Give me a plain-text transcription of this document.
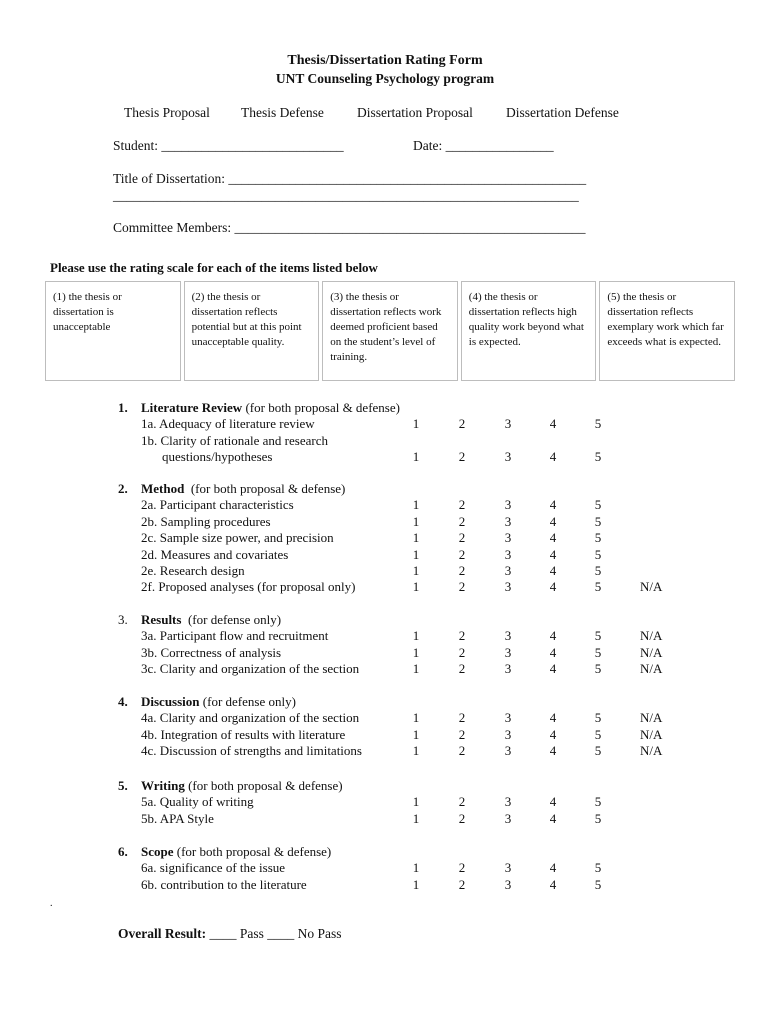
Thesis/Dissertation Rating Form
UNT Counseling Psychology program
Thesis Proposal	Thesis Defense	Dissertation Proposal	Dissertation Defense
Student: ___________________________	Date: ________________
Title of Dissertation: _____________________________________________________
_____________________________________________________________________
Committee Members: ____________________________________________________
Please use the rating scale for each of the items listed below
(1) the thesis or dissertation is unacceptable
(2) the thesis or dissertation reflects potential but at this point unacceptable quality.
(3) the thesis or dissertation reflects work deemed proficient based on the student’s level of training.
(4) the thesis or dissertation reflects high quality work beyond what is expected.
(5) the thesis or dissertation reflects exemplary work which far exceeds what is expected.
1. Literature Review (for both proposal & defense)
1a. Adequacy of literature review	1	2	3	4	5
1b. Clarity of rationale and research
questions/hypotheses	1	2	3	4	5
2. Method  (for both proposal & defense)
2a. Participant characteristics	1	2	3	4	5
2b. Sampling procedures	1	2	3	4	5
2c. Sample size power, and precision	1	2	3	4	5
2d. Measures and covariates	1	2	3	4	5
2e. Research design	1	2	3	4	5
2f. Proposed analyses (for proposal only)	1	2	3	4	5	N/A
3. Results  (for defense only)
3a. Participant flow and recruitment	1	2	3	4	5	N/A
3b. Correctness of analysis	1	2	3	4	5	N/A
3c. Clarity and organization of the section	1	2	3	4	5	N/A
4. Discussion (for defense only)
4a. Clarity and organization of the section	1	2	3	4	5	N/A
4b. Integration of results with literature	1	2	3	4	5	N/A
4c. Discussion of strengths and limitations	1	2	3	4	5	N/A
5. Writing (for both proposal & defense)
5a. Quality of writing	1	2	3	4	5
5b. APA Style	1	2	3	4	5
6. Scope (for both proposal & defense)
6a. significance of the issue	1	2	3	4	5
6b. contribution to the literature	1	2	3	4	5
.
Overall Result: ____ Pass ____ No Pass
